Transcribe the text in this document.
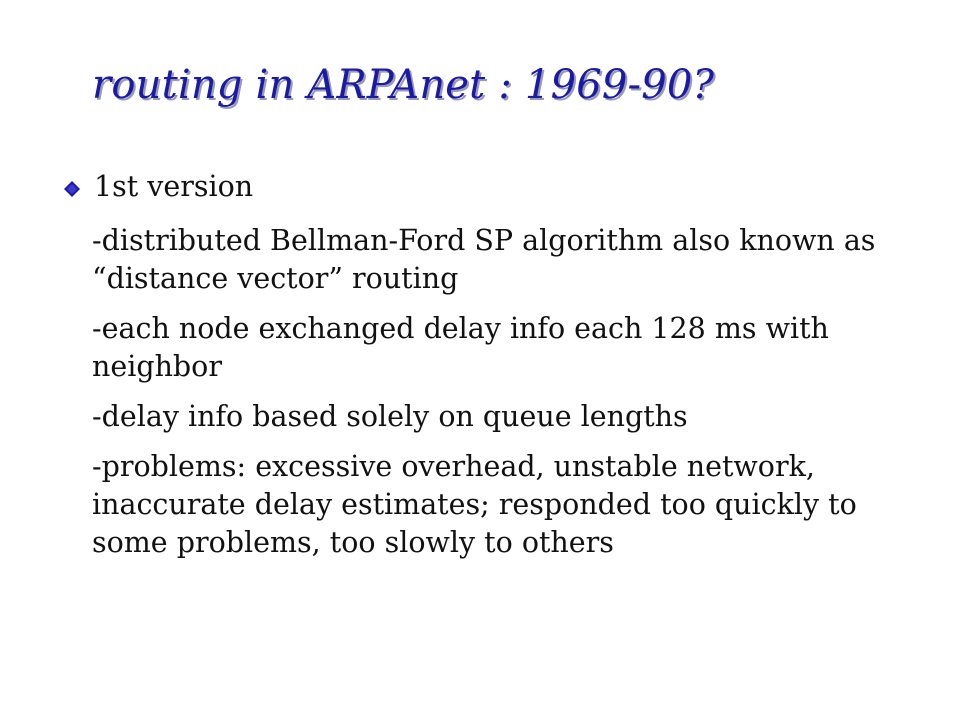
routing in ARPAnet : 1969-90?
1st version
-distributed Bellman-Ford SP algorithm also known as “distance vector” routing
-each node exchanged delay info each 128 ms with neighbor
-delay info based solely on queue lengths
-problems: excessive overhead, unstable network, inaccurate delay estimates; responded too quickly to some problems, too slowly to others
